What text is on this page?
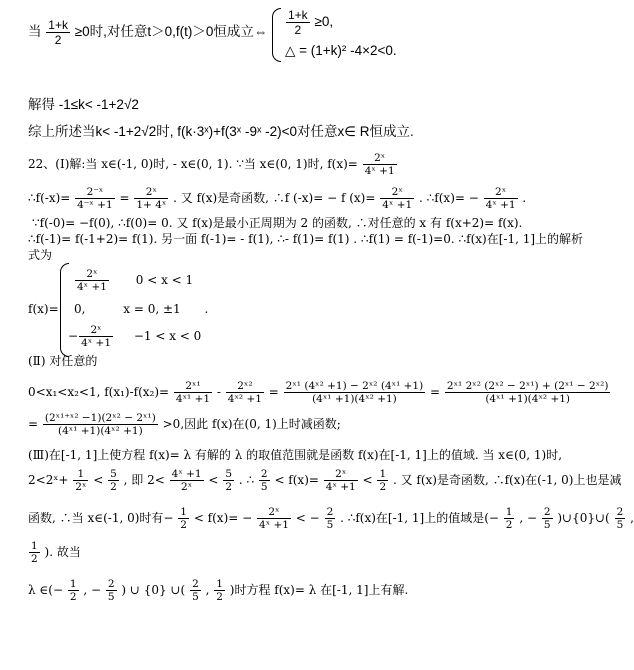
当 $\frac{1+k}{2} \ge 0$时,对任意t＞0,f(t)＞0恒成立⇔ $\frac{1+k}{2} \ge 0$,
△ = (1+k)² -4×2<0.
解得 -1≤k< -1+2√2
综上所述当k< -1+2√2时, f(k·3ˣ)+f(3ˣ -9ˣ -2)<0对任意x∈ R恒成立.
22、(Ⅰ)解:当 x∈(-1, 0)时, - x∈(0, 1). ∵当 x∈(0, 1)时, $f(x)= \frac{\text{2ˣ}}{\text{4ˣ +1}}$
∴f(-x)= $\frac{\text{2⁻ˣ}}{\text{4⁻ˣ +1}} = \frac{\text{2ˣ}}{\text{1+ 4ˣ}}$ . 又 f(x)是奇函数, ∴f (-x)= − f $(x)= \frac{\text{2ˣ}}{\text{4ˣ +1}}$ . ∴f(x)= − $\frac{\text{2ˣ}}{\text{4ˣ +1}}$ .
∵f(-0)= −f(0), ∴f(0)= 0. 又 f(x)是最小正周期为 2 的函数, ∴对任意的 x 有 f(x+2)= f(x).
∴f(-1)= f(-1+2)= f(1). 另一面 f(-1)= - f(1), ∴- f(1)= f(1) . ∴f(1) = f(-1)=0. ∴f(x)在[-1, 1]上的解析
式为
f(x)=
$\frac{\text{2ˣ}}{\text{4ˣ +1}} 0 < x < 1$
0,	x = 0, ±1 .
− $\frac{\text{2ˣ}}{\text{4ˣ +1}} -1 < x < 0$
(Ⅱ) 对任意的
0<x₁<x₂<1, $f(x_1)-f(x_2)= \frac{\text{2ˣ¹}}{\text{4ˣ¹ +1}} - \frac{\text{2ˣ²}}{\text{4ˣ² +1}} = \frac{\text{2ˣ¹ (4ˣ² +1) − 2ˣ² (4ˣ¹ +1)}}{\text{(4ˣ¹ +1)(4ˣ² +1)}} = \frac{\text{2ˣ¹ 2ˣ² (2ˣ² − 2ˣ¹) + (2ˣ¹ − 2ˣ²)}}{\text{(4ˣ¹ +1)(4ˣ² +1)}}$
= $\frac{\text{(2ˣ¹⁺ˣ² −1)(2ˣ² − 2ˣ¹)}}{\text{(4ˣ¹ +1)(4ˣ² +1)}} >0$,因此 f(x)在(0, 1)上时减函数;
(Ⅲ)在[-1, 1]上使方程 f(x)= λ 有解的 λ 的取值范围就是函数 f(x)在[-1, 1]上的值域. 当 x∈(0, 1)时,
2<2ˣ+ $\frac{1}{\text{2ˣ}} < \frac{5}{2}$ , 即 $2< \frac{\text{4ˣ +1}}{\text{2ˣ}} < \frac{5}{2}$ . ∴ $\frac{2}{5} < f(x)= \frac{\text{2ˣ}}{\text{4ˣ +1}} < \frac{1}{2}$ . 又 f(x)是奇函数, ∴f(x)在(-1, 0)上也是减
函数, ∴当 x∈(-1, 0)时有− $\frac{1}{2} < f(x)= - \frac{\text{2ˣ}}{\text{4ˣ +1}}$ < − $\frac{2}{5}$ . ∴f(x)在[-1, 1]上的值域是(− $\frac{1}{2}$ , − $\frac{2}{5}$ )∪{0}∪( $\frac{2}{5}$ ,
$\frac{1}{2}$ ). 故当
λ ∈(− $\frac{1}{2}$ , − $\frac{2}{5}$ ) ∪ {0} ∪( $\frac{2}{5}$ , $\frac{1}{2}$ )时方程 f(x)= λ 在[-1, 1]上有解.
